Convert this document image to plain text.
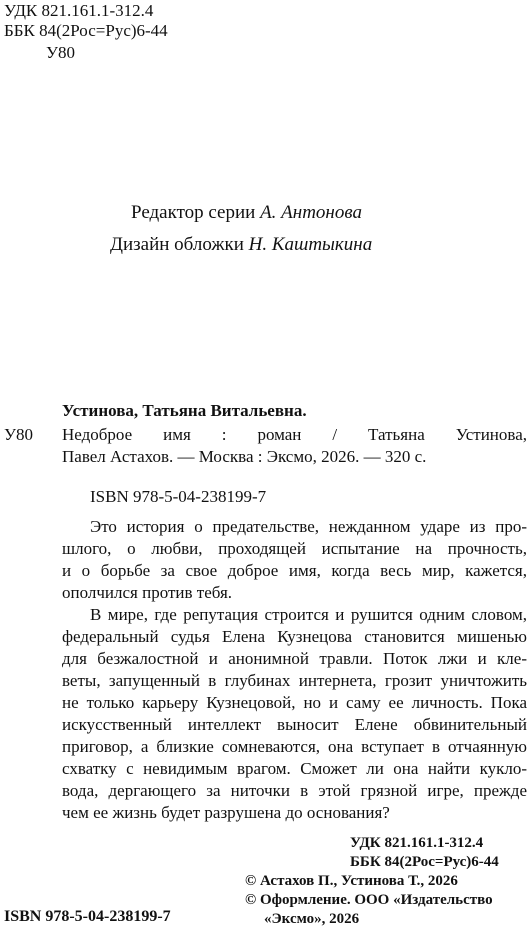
УДК 821.161.1-312.4
ББК 84(2Рос=Рус)6-44
У80
Редактор серии А. Антонова
Дизайн обложки Н. Каштыкина
Устинова, Татьяна Витальевна.
У80 Недоброе имя : роман / Татьяна Устинова,
Павел Астахов. — Москва : Эксмо, 2026. — 320 с.
ISBN 978-5-04-238199-7
Это история о предательстве, нежданном ударе из про-
шлого, о любви, проходящей испытание на прочность,
и о борьбе за свое доброе имя, когда весь мир, кажется,
ополчился против тебя.
В мире, где репутация строится и рушится одним словом,
федеральный судья Елена Кузнецова становится мишенью
для безжалостной и анонимной травли. Поток лжи и кле-
веты, запущенный в глубинах интернета, грозит уничтожить
не только карьеру Кузнецовой, но и саму ее личность. Пока
искусственный интеллект выносит Елене обвинительный
приговор, а близкие сомневаются, она вступает в отчаянную
схватку с невидимым врагом. Сможет ли она найти кукло-
вода, дергающего за ниточки в этой грязной игре, прежде
чем ее жизнь будет разрушена до основания?
УДК 821.161.1-312.4
ББК 84(2Рос=Рус)6-44
© Астахов П., Устинова Т., 2026
© Оформление. ООО «Издательство
«Эксмо», 2026
ISBN 978-5-04-238199-7
